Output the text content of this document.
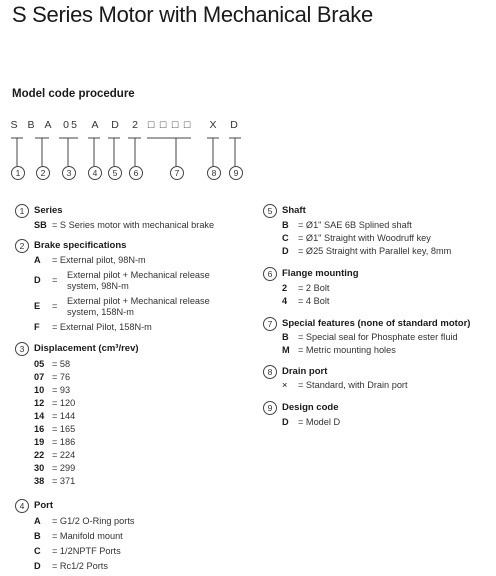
S Series Motor with Mechanical Brake
Model code procedure
S B A 0 5 A D 2 □ □ □ □ X D
1	2	3	4	5	6	7	8	9
1	Series
SB = S Series motor with mechanical brake
2	Brake specifications
A = External pilot, 98N-m
D = External pilot + Mechanical release
system, 98N-m
E = External pilot + Mechanical release
system, 158N-m
F = External Pilot, 158N-m
3	Displacement (cm³/rev)
05 = 58
07 = 76
10 = 93
12 = 120
14 = 144
16 = 165
19 = 186
22 = 224
30 = 299
38 = 371
4	Port
A = G1/2 O-Ring ports
B = Manifold mount
C = 1/2NPTF Ports
D = Rc1/2 Ports
5	Shaft
B = Ø1" SAE 6B Splined shaft
C = Ø1" Straight with Woodruff key
D = Ø25 Straight with Parallel key, 8mm
6	Flange mounting
2 = 2 Bolt
4 = 4 Bolt
7	Special features (none of standard motor)
B = Special seal for Phosphate ester fluid
M = Metric mounting holes
8	Drain port
× = Standard, with Drain port
9	Design code
D = Model D
